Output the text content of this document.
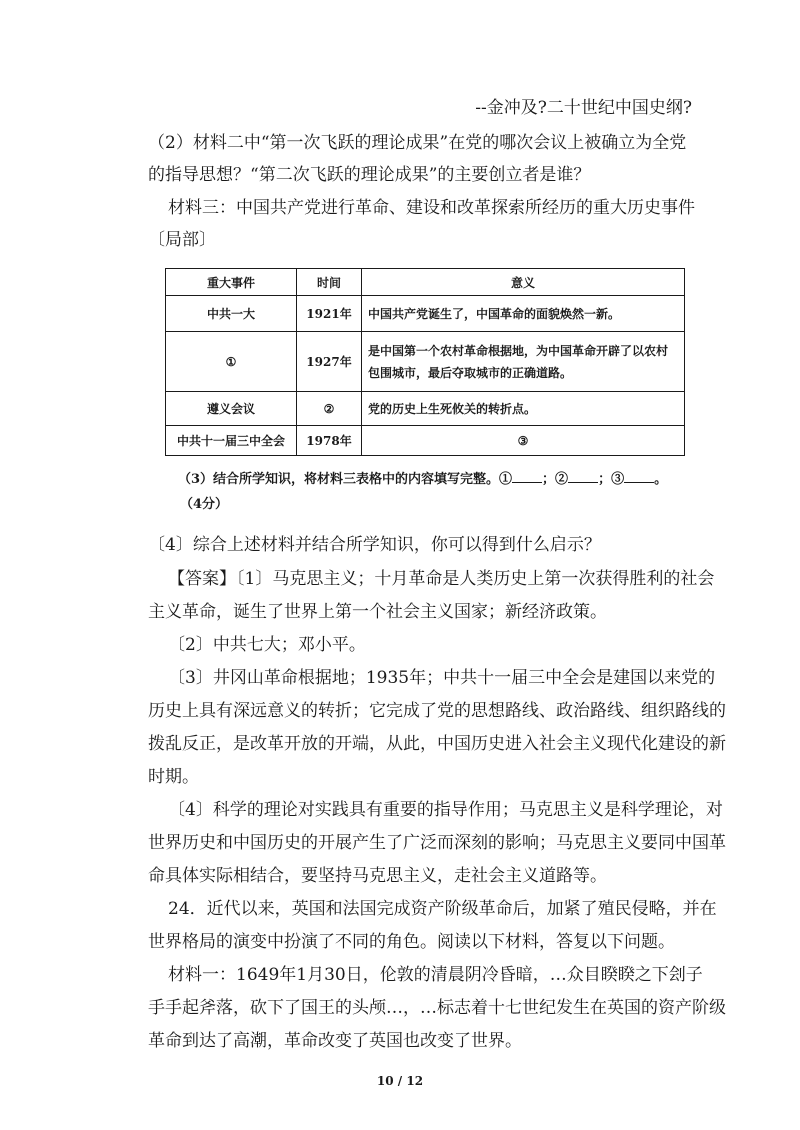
--金冲及?二十世纪中国史纲?
（2）材料二中“第一次飞跃的理论成果”在党的哪次会议上被确立为全党
的指导思想？“第二次飞跃的理论成果”的主要创立者是谁？
材料三：中国共产党进行革命、建设和改革探索所经历的重大历史事件
〔局部〕
重大事件	时间	意义
中共一大	1921年	中国共产党诞生了，中国革命的面貌焕然一新。
①	1927年	是中国第一个农村革命根据地，为中国革命开辟了以农村包围城市，最后夺取城市的正确道路。
遵义会议	②	党的历史上生死攸关的转折点。
中共十一届三中全会	1978年	③
（3）结合所学知识，将材料三表格中的内容填写完整。① ；② ；③ 。
（4分）
〔4〕综合上述材料并结合所学知识，你可以得到什么启示？
【答案】〔1〕马克思主义；十月革命是人类历史上第一次获得胜利的社会
主义革命，诞生了世界上第一个社会主义国家；新经济政策。
〔2〕中共七大；邓小平。
〔3〕井冈山革命根据地；1935年；中共十一届三中全会是建国以来党的
历史上具有深远意义的转折；它完成了党的思想路线、政治路线、组织路线的
拨乱反正，是改革开放的开端，从此，中国历史进入社会主义现代化建设的新
时期。
〔4〕科学的理论对实践具有重要的指导作用；马克思主义是科学理论，对
世界历史和中国历史的开展产生了广泛而深刻的影响；马克思主义要同中国革
命具体实际相结合，要坚持马克思主义，走社会主义道路等。
24．近代以来，英国和法国完成资产阶级革命后，加紧了殖民侵略，并在
世界格局的演变中扮演了不同的角色。阅读以下材料，答复以下问题。
材料一：1649年1月30日，伦敦的清晨阴冷昏暗，…众目睽睽之下刽子
手手起斧落，砍下了国王的头颅…，…标志着十七世纪发生在英国的资产阶级
革命到达了高潮，革命改变了英国也改变了世界。
10 / 12
